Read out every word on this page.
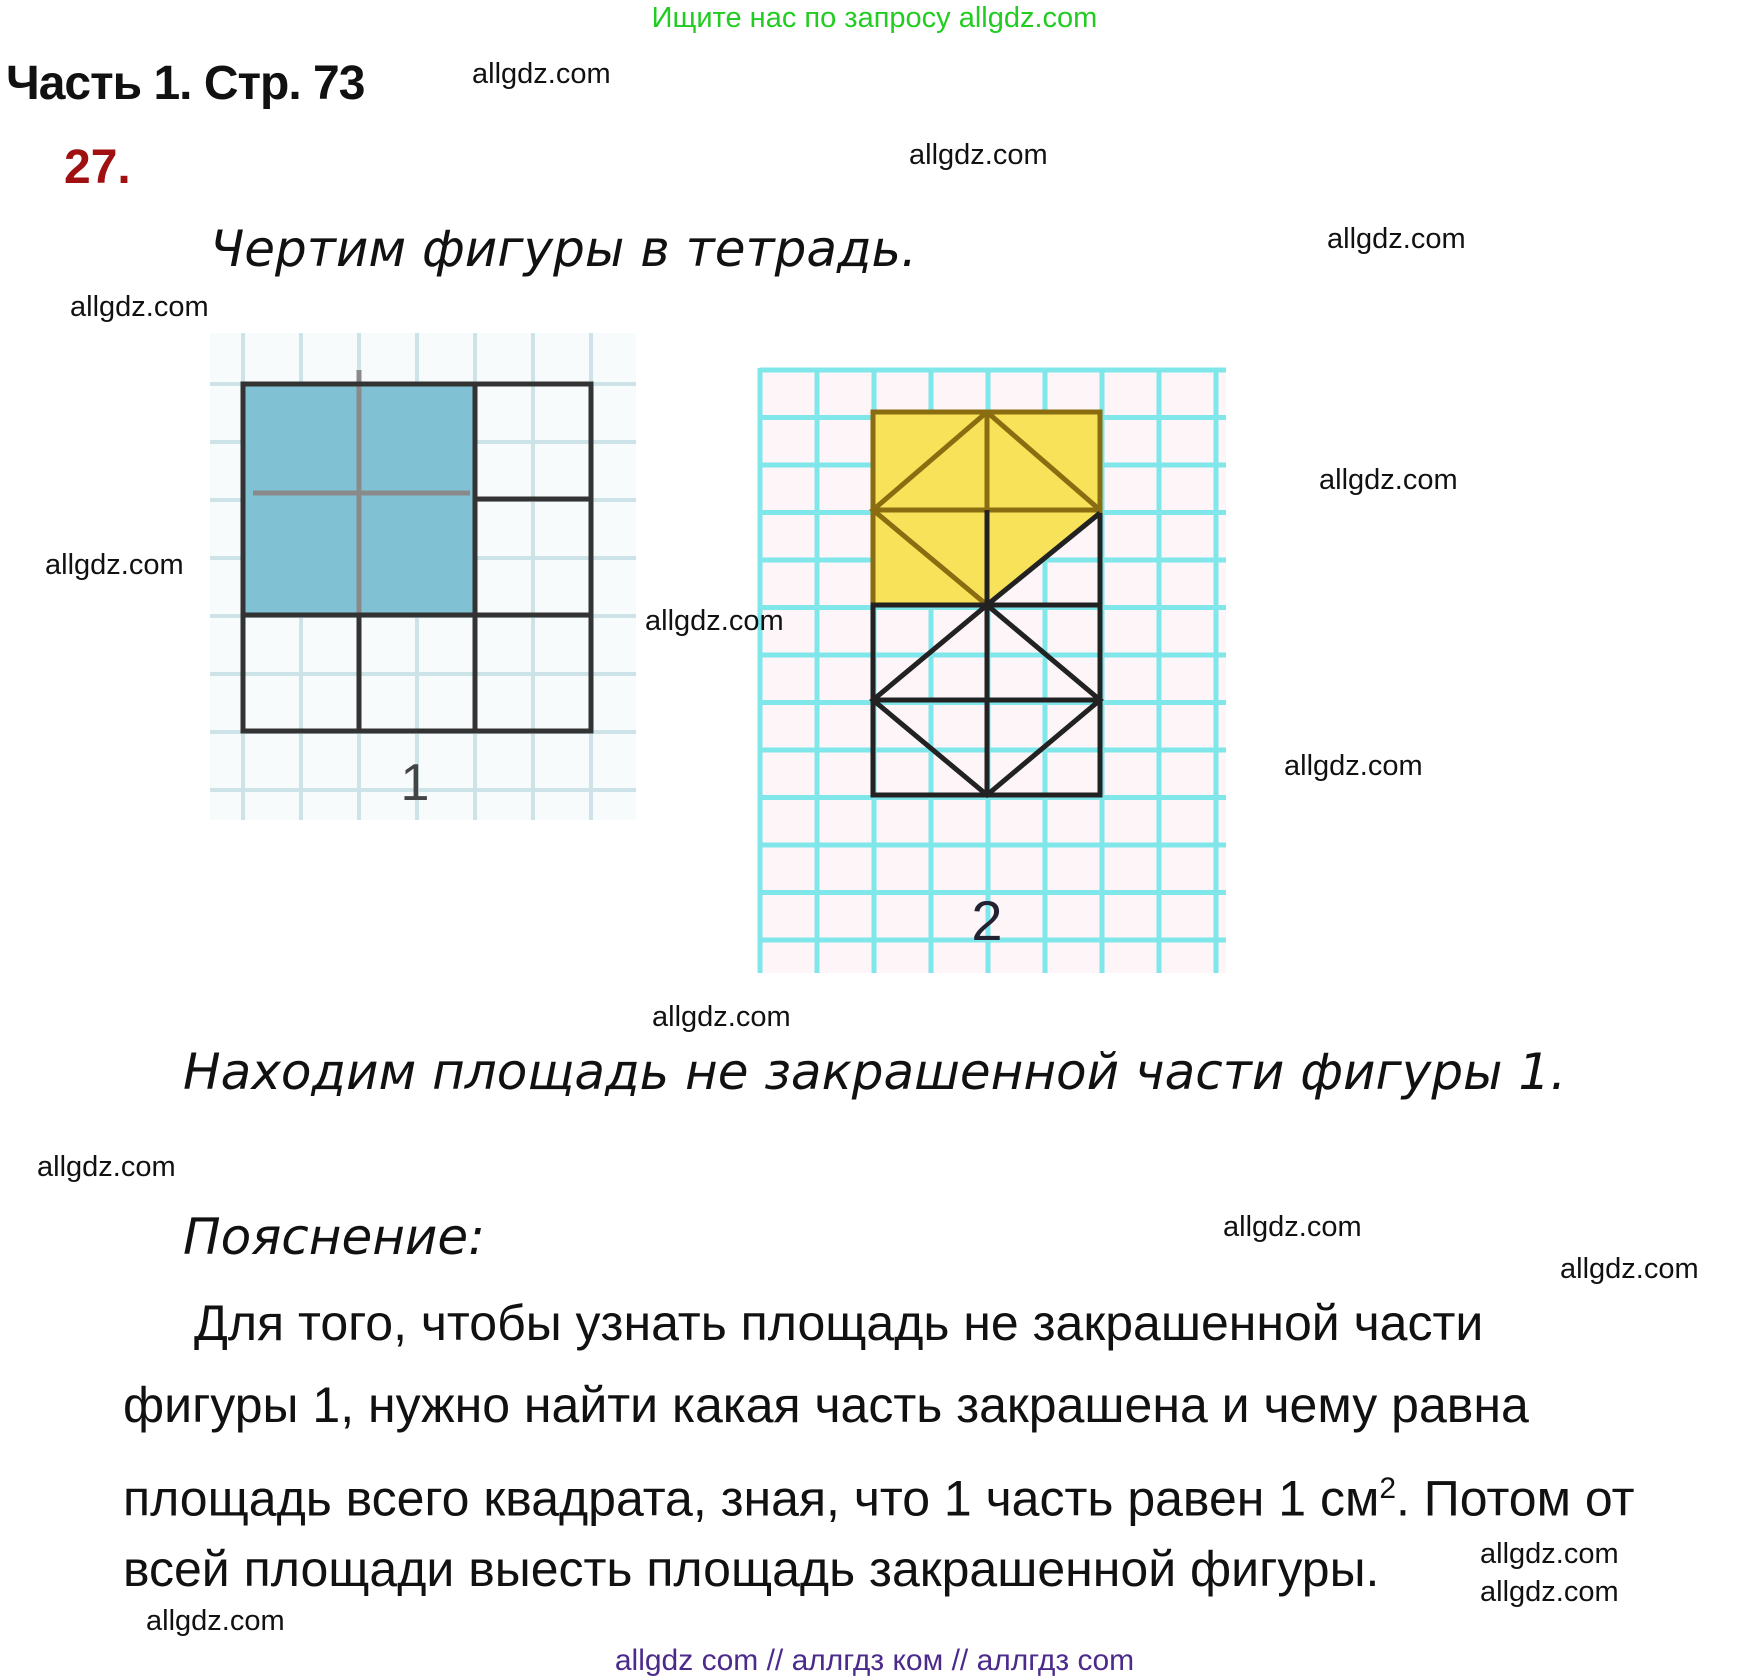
Ищите нас по запросу allgdz.com
Часть 1. Стр. 73
27.
Чертим фигуры в тетрадь.
1
2
Находим площадь не закрашенной части фигуры 1.
Пояснение:
Для того, чтобы узнать площадь не закрашенной части
фигуры 1, нужно найти какая часть закрашена и чему равна
площадь всего квадрата, зная, что 1 часть равен 1 $см^2$. Потом от
всей площади выесть площадь закрашенной фигуры.
allgdz.com
allgdz.com
allgdz.com
allgdz.com
allgdz.com
allgdz.com
allgdz.com
allgdz.com
allgdz.com
allgdz.com
allgdz.com
allgdz.com
allgdz.com
allgdz.com
allgdz.com
allgdz com // аллгдз ком // аллгдз com
